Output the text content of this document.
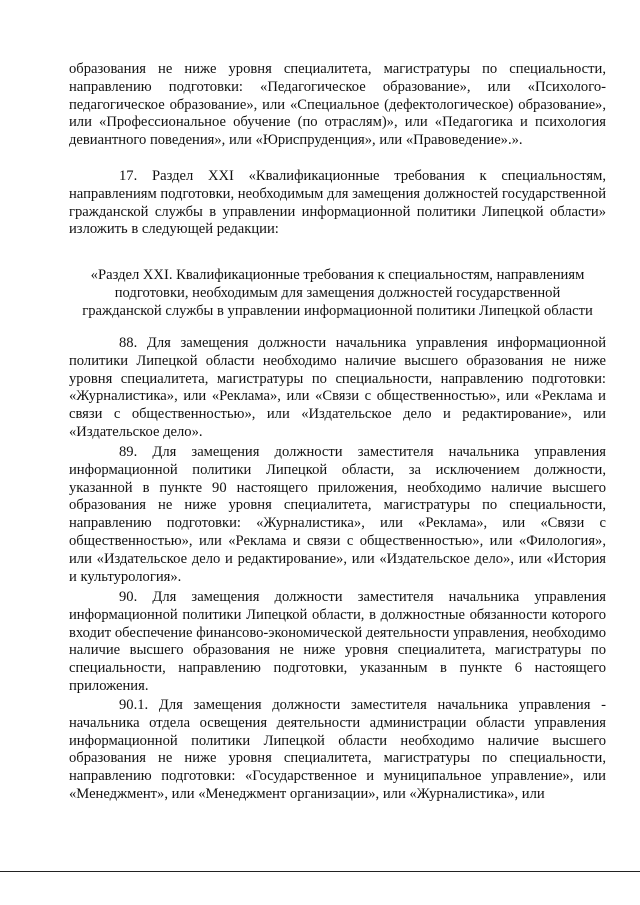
образования не ниже уровня специалитета, магистратуры по специальности, направлению подготовки: «Педагогическое образование», или «Психолого-педагогическое образование», или «Специальное (дефектологическое) образование», или «Профессиональное обучение (по отраслям)», или «Педагогика и психология девиантного поведения», или «Юриспруденция», или «Правоведение».».

17. Раздел XXI «Квалификационные требования к специальностям, направлениям подготовки, необходимым для замещения должностей государственной гражданской службы в управлении информационной политики Липецкой области» изложить в следующей редакции:

«Раздел XXI. Квалификационные требования к специальностям, направлениям
подготовки, необходимым для замещения должностей государственной
гражданской службы в управлении информационной политики Липецкой области

88. Для замещения должности начальника управления информационной политики Липецкой области необходимо наличие высшего образования не ниже уровня специалитета, магистратуры по специальности, направлению подготовки: «Журналистика», или «Реклама», или «Связи с общественностью», или «Реклама и связи с общественностью», или «Издательское дело и редактирование», или «Издательское дело».

89. Для замещения должности заместителя начальника управления информационной политики Липецкой области, за исключением должности, указанной в пункте 90 настоящего приложения, необходимо наличие высшего образования не ниже уровня специалитета, магистратуры по специальности, направлению подготовки: «Журналистика», или «Реклама», или «Связи с общественностью», или «Реклама и связи с общественностью», или «Филология», или «Издательское дело и редактирование», или «Издательское дело», или «История и культурология».

90. Для замещения должности заместителя начальника управления информационной политики Липецкой области, в должностные обязанности которого входит обеспечение финансово-экономической деятельности управления, необходимо наличие высшего образования не ниже уровня специалитета, магистратуры по специальности, направлению подготовки, указанным в пункте 6 настоящего приложения.

90.1. Для замещения должности заместителя начальника управления - начальника отдела освещения деятельности администрации области управления информационной политики Липецкой области необходимо наличие высшего образования не ниже уровня специалитета, магистратуры по специальности, направлению подготовки: «Государственное и муниципальное управление», или «Менеджмент», или «Менеджмент организации», или «Журналистика», или
